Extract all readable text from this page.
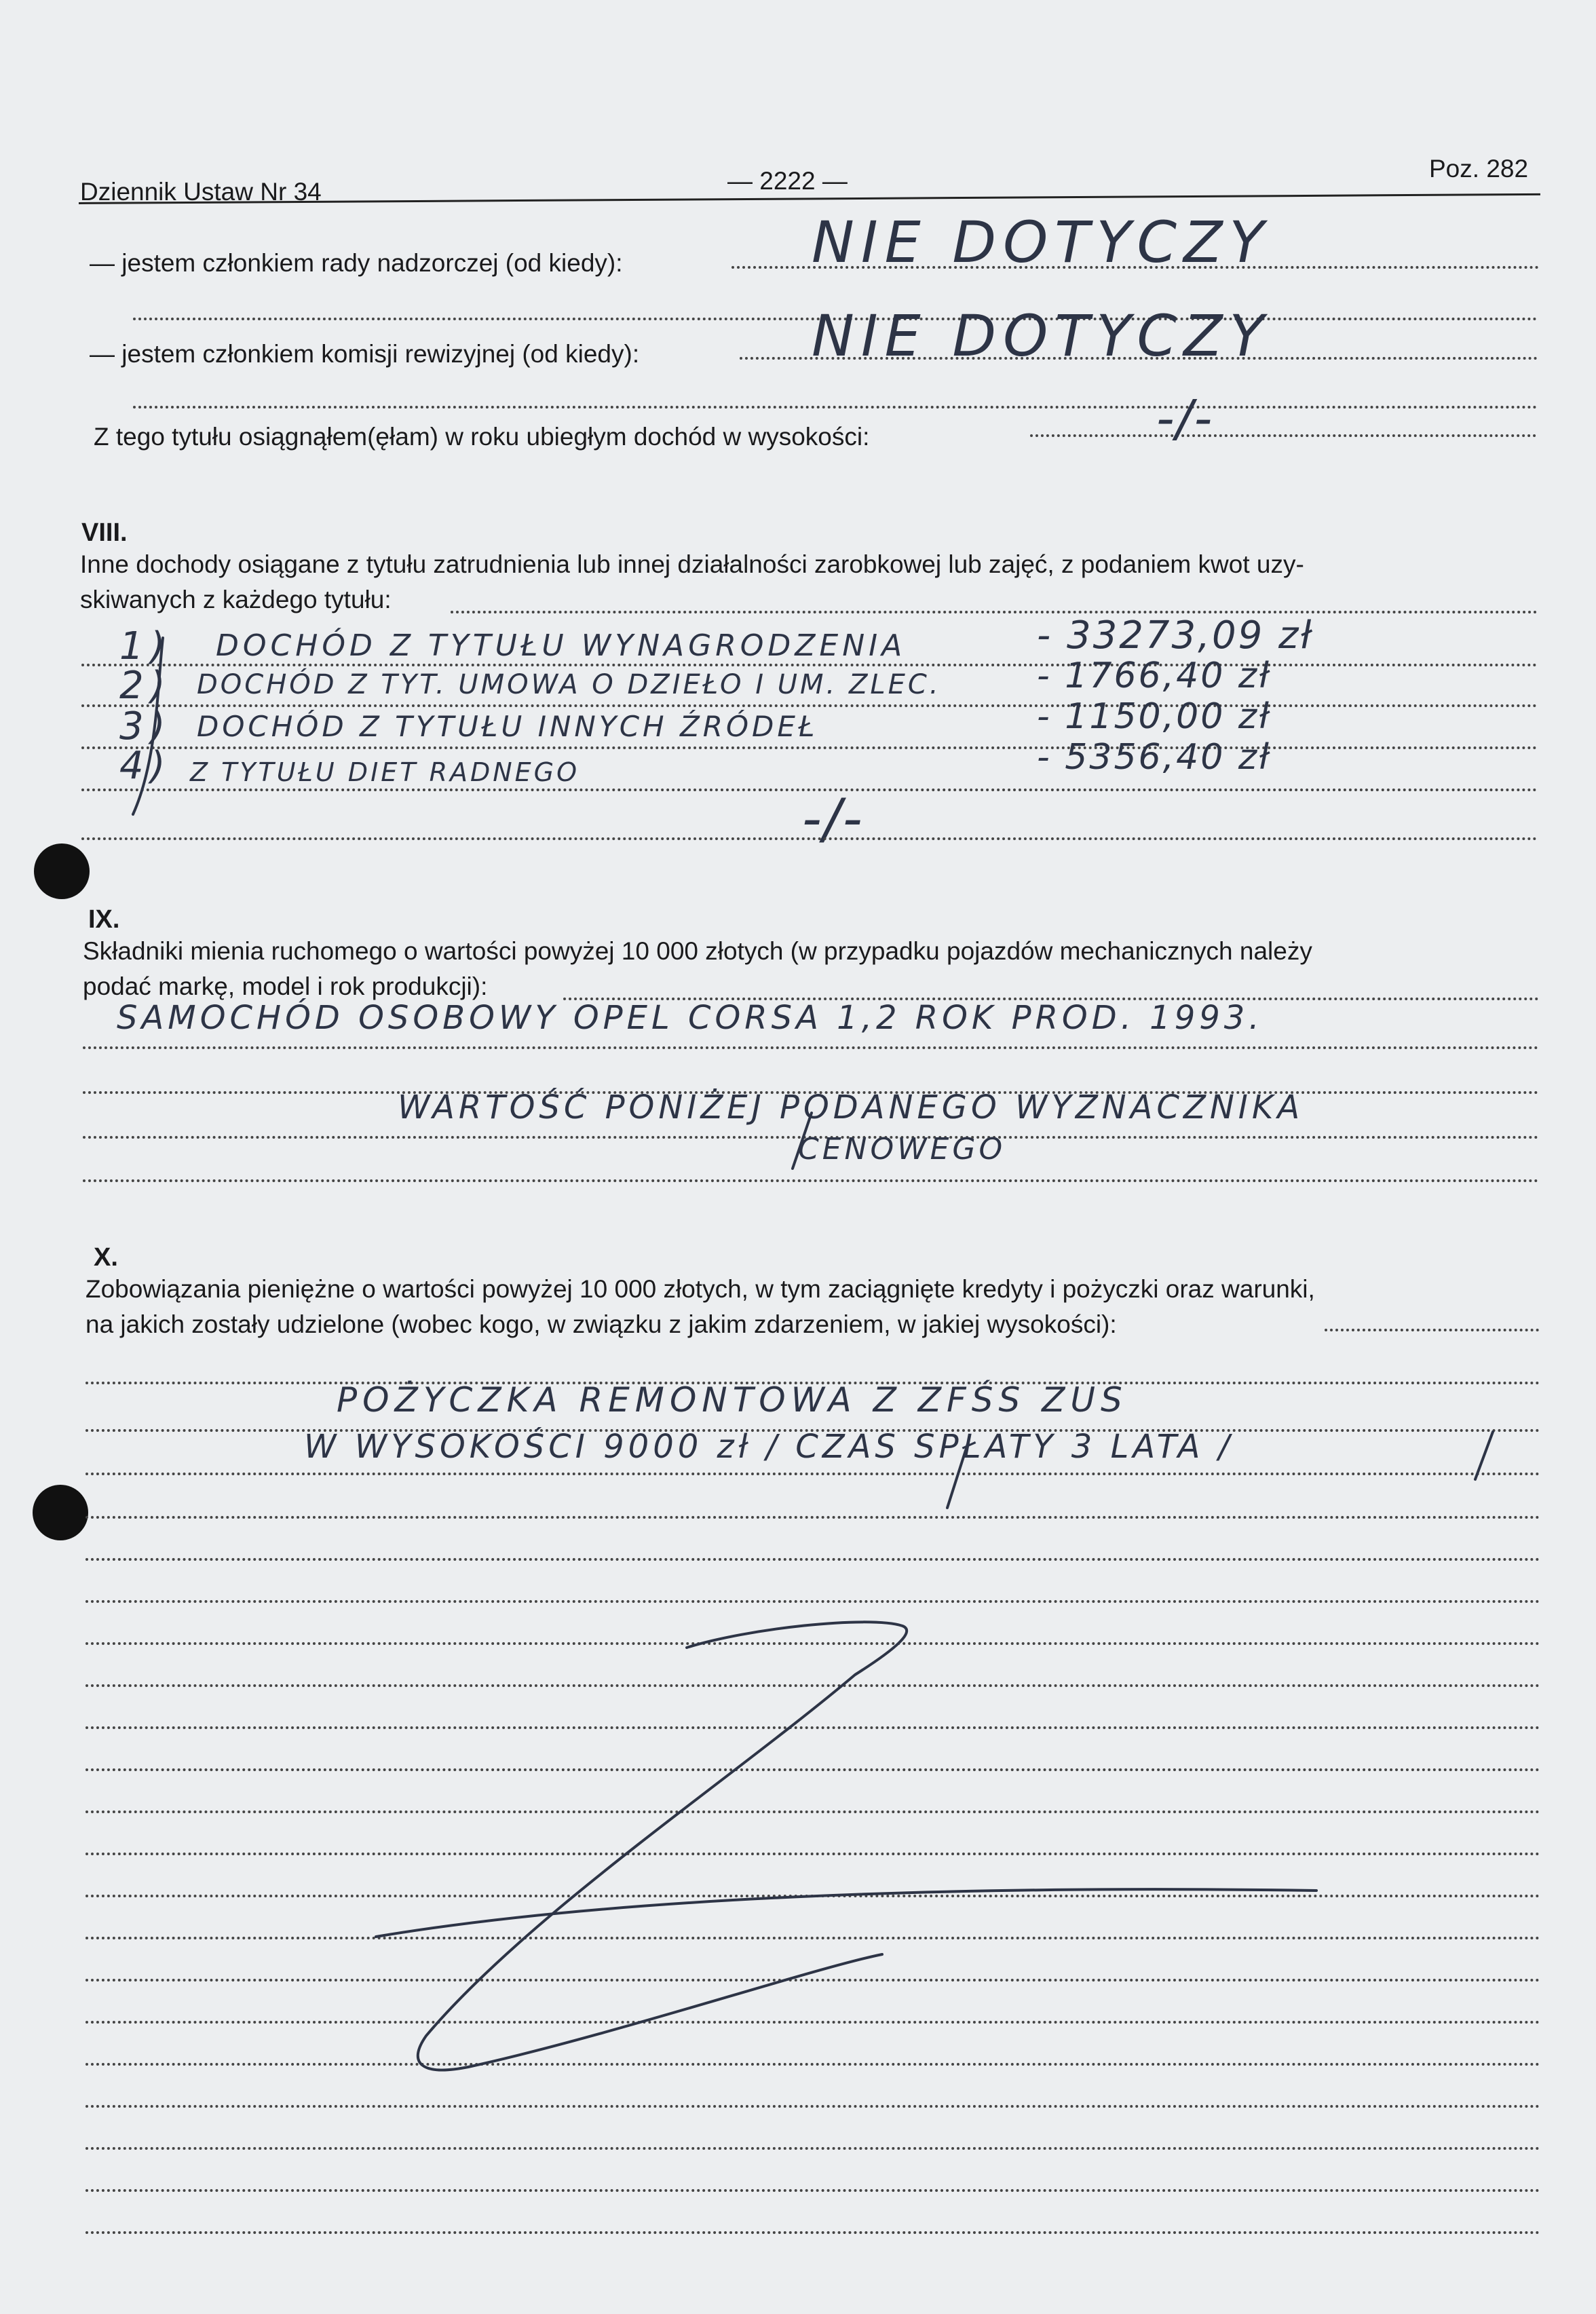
Dziennik Ustaw Nr 34	— 2222 —	Poz. 282
— jestem członkiem rady nadzorczej (od kiedy):	NIE DOTYCZY
— jestem członkiem komisji rewizyjnej (od kiedy):	NIE DOTYCZY
Z tego tytułu osiągnąłem(ęłam) w roku ubiegłym dochód w wysokości:	-/-
VIII.
Inne dochody osiągane z tytułu zatrudnienia lub innej działalności zarobkowej lub zajęć, z podaniem kwot uzy-
skiwanych z każdego tytułu:
1) DOCHÓD Z TYTUŁU WYNAGRODZENIA	- 33273,09 zł
2) DOCHÓD Z TYT. UMOWA O DZIEŁO I UM. ZLEC.	- 1766,40 zł
3) DOCHÓD Z TYTUŁU INNYCH ŹRÓDEŁ	- 1150,00 zł
4) Z TYTUŁU DIET RADNEGO	- 5356,40 zł
-/-
IX.
Składniki mienia ruchomego o wartości powyżej 10 000 złotych (w przypadku pojazdów mechanicznych należy
podać markę, model i rok produkcji):
SAMOCHÓD OSOBOWY OPEL CORSA 1,2 ROK PROD. 1993.
WARTOŚĆ PONIŻEJ PODANEGO WYZNACZNIKA
CENOWEGO
X.
Zobowiązania pieniężne o wartości powyżej 10 000 złotych, w tym zaciągnięte kredyty i pożyczki oraz warunki,
na jakich zostały udzielone (wobec kogo, w związku z jakim zdarzeniem, w jakiej wysokości):
POŻYCZKA REMONTOWA Z ZFŚS ZUS
W WYSOKOŚCI 9000 zł / CZAS SPŁATY 3 LATA /
